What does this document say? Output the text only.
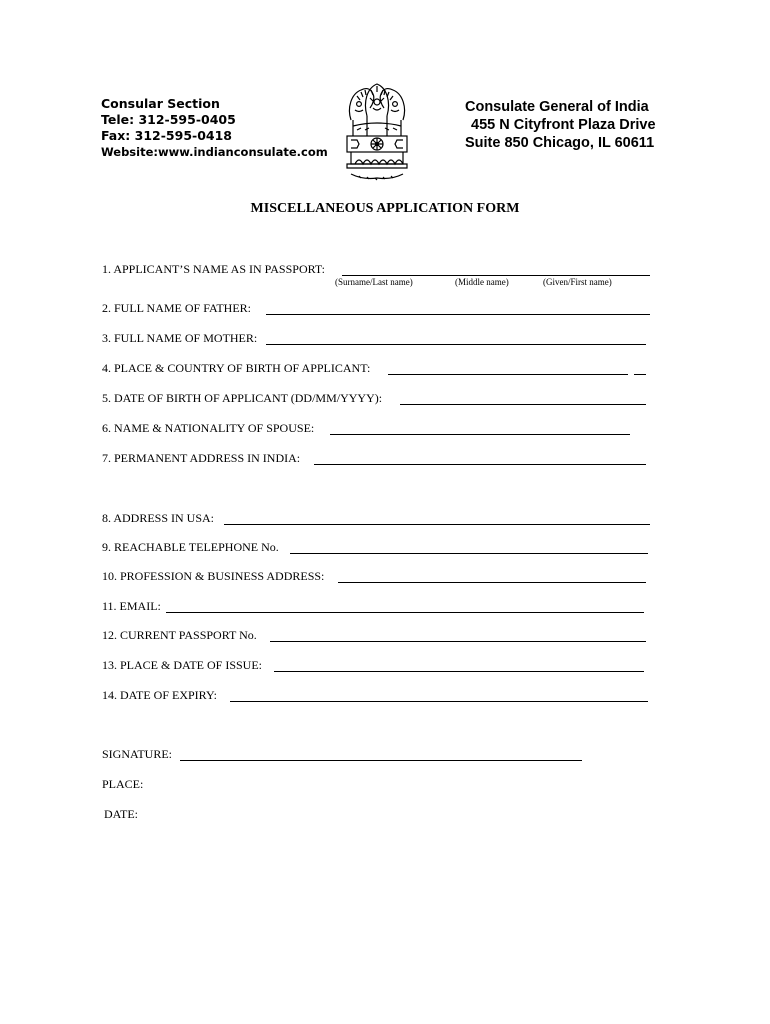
Consular Section
Tele: 312-595-0405
Fax: 312-595-0418
Website:www.indianconsulate.com
Consulate General of India
455 N Cityfront Plaza Drive
Suite 850 Chicago, IL 60611
MISCELLANEOUS APPLICATION FORM
1. APPLICANT’S NAME AS IN PASSPORT:
(Surname/Last name)	(Middle name)	(Given/First name)
2. FULL NAME OF FATHER:
3. FULL NAME OF MOTHER:
4. PLACE & COUNTRY OF BIRTH OF APPLICANT:
5. DATE OF BIRTH OF APPLICANT (DD/MM/YYYY):
6. NAME & NATIONALITY OF SPOUSE:
7. PERMANENT ADDRESS IN INDIA:
8. ADDRESS IN USA:
9. REACHABLE TELEPHONE No.
10. PROFESSION & BUSINESS ADDRESS:
11. EMAIL:
12. CURRENT PASSPORT No.
13. PLACE & DATE OF ISSUE:
14. DATE OF EXPIRY:
SIGNATURE:
PLACE:
DATE:
